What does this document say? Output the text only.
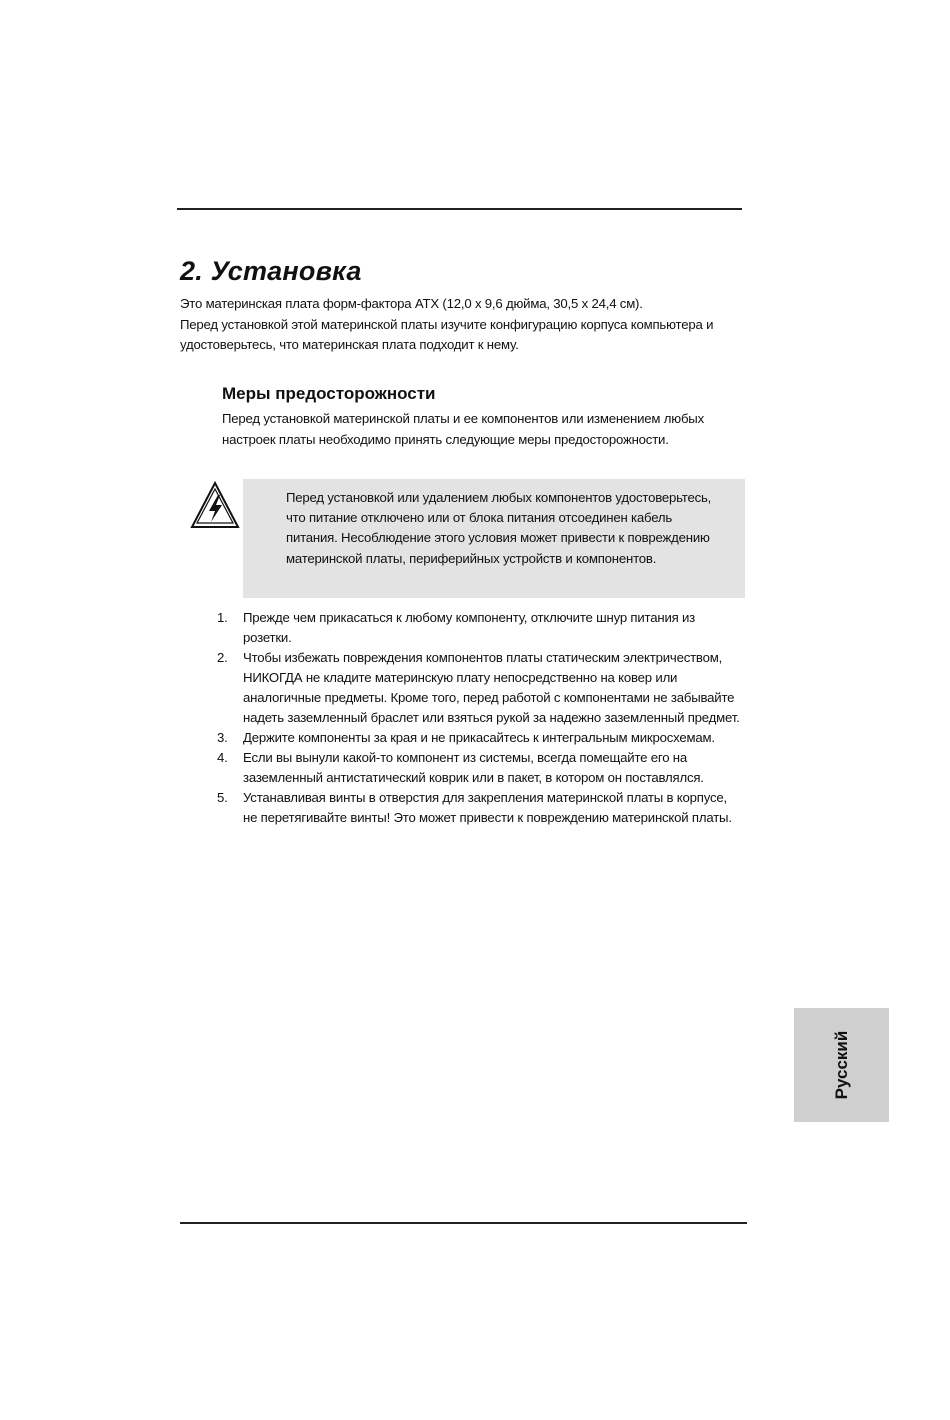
2. Установка

Это материнская плата форм-фактора ATX (12,0 x 9,6 дюйма, 30,5 x 24,4 см).

Перед установкой этой материнской платы изучите конфигурацию корпуса компьютера и удостоверьтесь, что материнская плата подходит к нему.

Меры предосторожности

Перед установкой материнской платы и ее компонентов или изменением любых настроек платы необходимо принять следующие меры предосторожности.

Перед установкой или удалением любых компонентов удостоверьтесь, что питание отключено или от блока питания отсоединен кабель питания. Несоблюдение этого условия может привести к повреждению материнской платы, периферийных устройств и компонентов.

1. Прежде чем прикасаться к любому компоненту, отключите шнур питания из розетки.
2. Чтобы избежать повреждения компонентов платы статическим электричеством, НИКОГДА не кладите материнскую плату непосредственно на ковер или аналогичные предметы. Кроме того, перед работой с компонентами не забывайте надеть заземленный браслет или взяться рукой за надежно заземленный предмет.
3. Держите компоненты за края и не прикасайтесь к интегральным микросхемам.
4. Если вы вынули какой-то компонент из системы, всегда помещайте его на заземленный антистатический коврик или в пакет, в котором он поставлялся.
5. Устанавливая винты в отверстия для закрепления материнской платы в корпусе, не перетягивайте винты! Это может привести к повреждению материнской платы.
Русский
